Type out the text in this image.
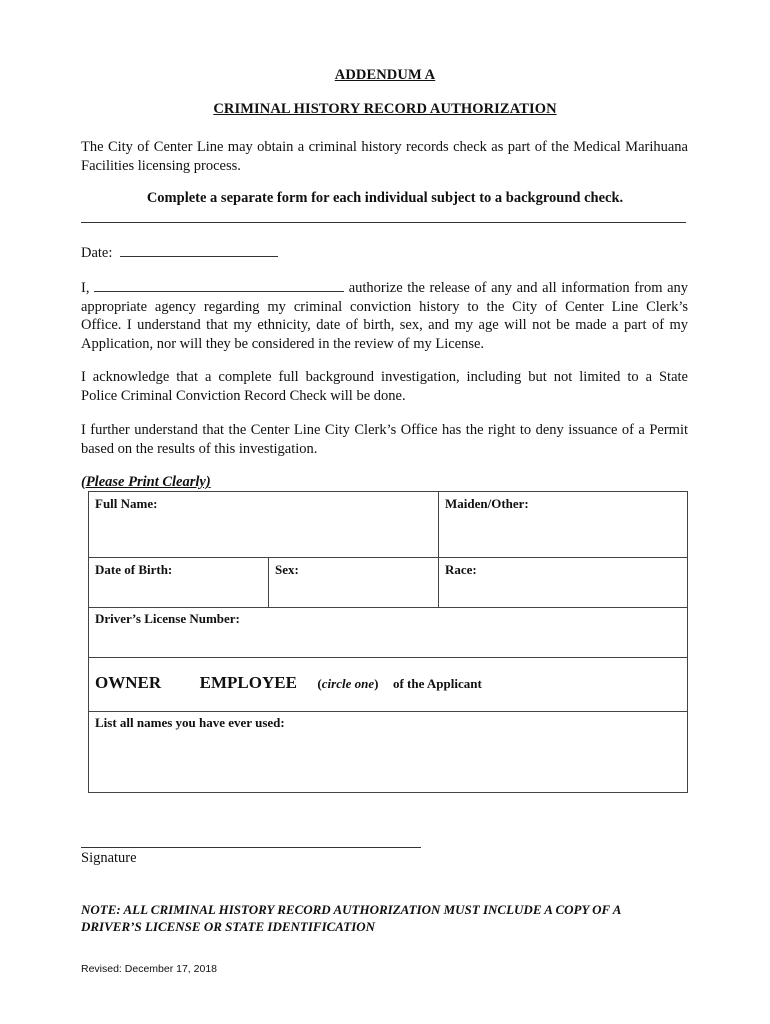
ADDENDUM A
CRIMINAL HISTORY RECORD AUTHORIZATION
The City of Center Line may obtain a criminal history records check as part of the Medical Marihuana
Facilities licensing process.
Complete a separate form for each individual subject to a background check.
Date:
I,	authorize the release of any and all information from any
appropriate agency regarding my criminal conviction history to the City of Center Line Clerk’s
Office. I understand that my ethnicity, date of birth, sex, and my age will not be made a part of my
Application, nor will they be considered in the review of my License.
I acknowledge that a complete full background investigation, including but not limited to a State
Police Criminal Conviction Record Check will be done.
I further understand that the Center Line City Clerk’s Office has the right to deny issuance of a Permit
based on the results of this investigation.
(Please Print Clearly)
Full Name:	Maiden/Other:
Date of Birth:	Sex:	Race:
Driver’s License Number:
OWNER EMPLOYEE (circle one) of the Applicant
List all names you have ever used:
Signature
NOTE: ALL CRIMINAL HISTORY RECORD AUTHORIZATION MUST INCLUDE A COPY OF A
DRIVER’S LICENSE OR STATE IDENTIFICATION
Revised: December 17, 2018
